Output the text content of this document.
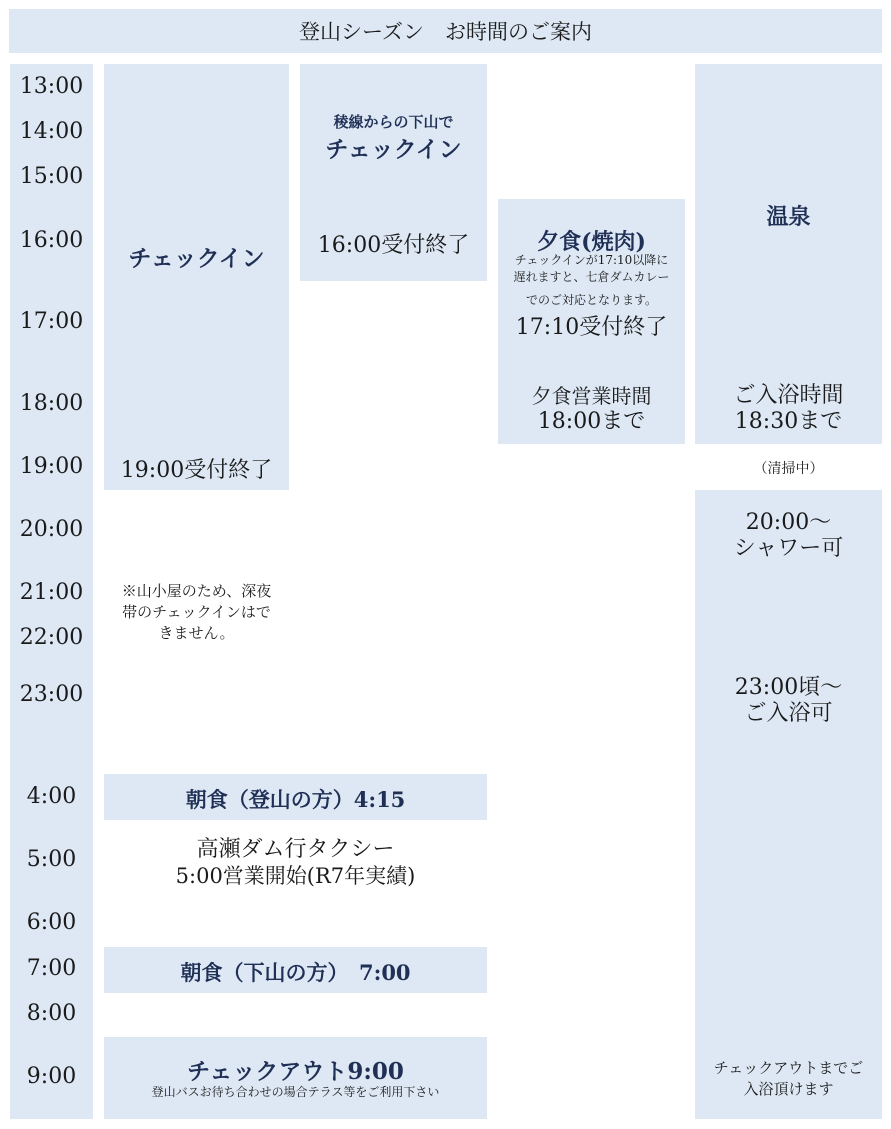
登山シーズン　お時間のご案内
13:00
14:00
15:00
16:00
17:00
18:00
19:00
20:00
21:00
22:00
23:00
4:00
5:00
6:00
7:00
8:00
9:00
チェックイン
19:00受付終了
※山小屋のため、深夜
帯のチェックインはで
きません。
稜線からの下山で
チェックイン
16:00受付終了	夕食(焼肉)
チェックインが17:10以降に
遅れますと、七倉ダムカレー
でのご対応となります。
17:10受付終了
夕食営業時間
18:00まで
温泉
ご入浴時間
18:30まで
（清掃中）
20:00～
シャワー可
23:00頃～
ご入浴可
チェックアウトまでご
入浴頂けます
朝食（登山の方）4:15
高瀬ダム行タクシー
5:00営業開始(R7年実績)
朝食（下山の方）　7:00
チェックアウト9:00
登山バスお待ち合わせの場合テラス等をご利用下さい
